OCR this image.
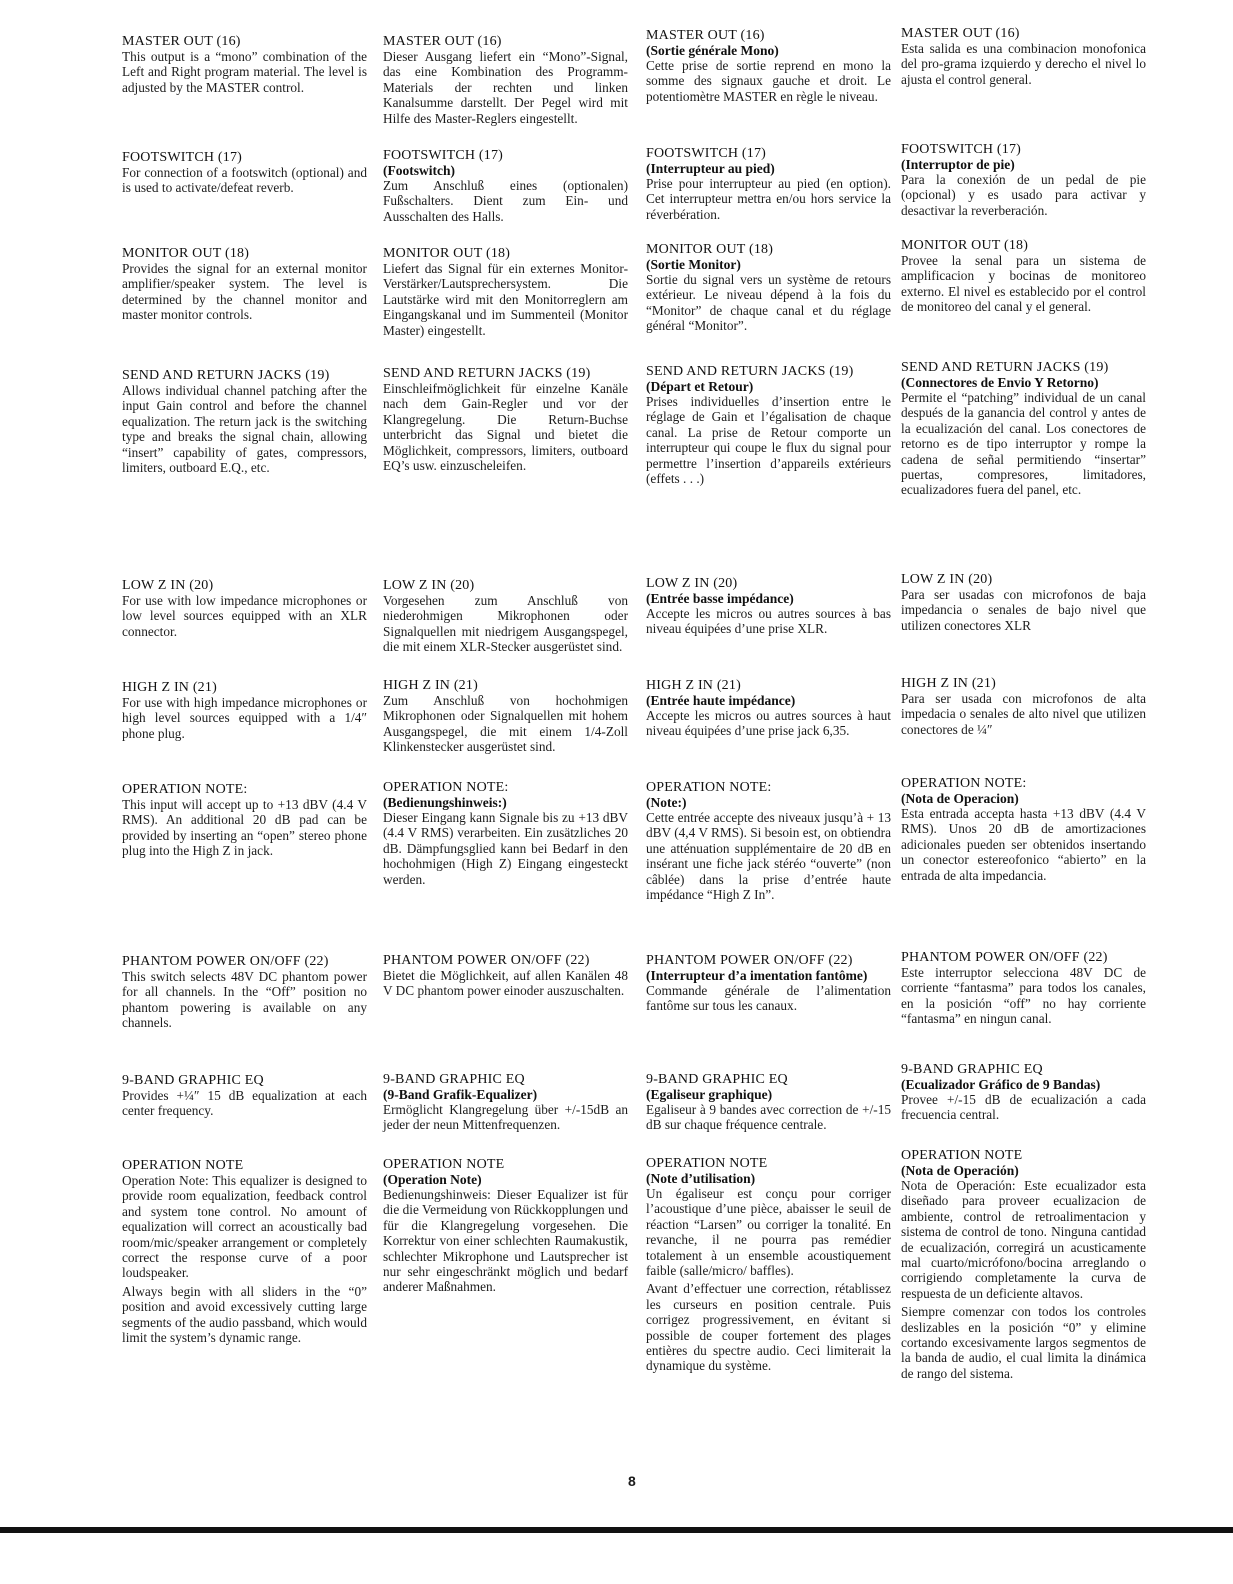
MASTER OUT (16)

This output is a “mono” combination of the Left and Right program material. The level is adjusted by the MASTER control.

FOOTSWITCH (17)

For connection of a footswitch (optional) and is used to activate/defeat reverb.

MONITOR OUT (18)

Provides the signal for an external monitor amplifier/speaker system. The level is determined by the channel monitor and master monitor controls.

SEND AND RETURN JACKS (19)

Allows individual channel patching after the input Gain control and before the channel equalization. The return jack is the switching type and breaks the signal chain, allowing “insert” capability of gates, compressors, limiters, outboard E.Q., etc.

LOW Z IN (20)

For use with low impedance microphones or low level sources equipped with an XLR connector.

HIGH Z IN (21)

For use with high impedance microphones or high level sources equipped with a 1/4″ phone plug.

OPERATION NOTE:

This input will accept up to +13 dBV (4.4 V RMS). An additional 20 dB pad can be provided by inserting an “open” stereo phone plug into the High Z in jack.

PHANTOM POWER ON/OFF (22)

This switch selects 48V DC phantom power for all channels. In the “Off” position no phantom powering is available on any channels.

9-BAND GRAPHIC EQ

Provides +¼″ 15 dB equalization at each center frequency.

OPERATION NOTE

Operation Note: This equalizer is designed to provide room equalization, feedback control and system tone control. No amount of equalization will correct an acoustically bad room/mic/speaker arrangement or completely correct the response curve of a poor loudspeaker.

Always begin with all sliders in the “0” position and avoid excessively cutting large segments of the audio passband, which would limit the system’s dynamic range.

MASTER OUT (16)

Dieser Ausgang liefert ein “Mono”-Signal, das eine Kombination des Programm-Materials der rechten und linken Kanalsumme darstellt. Der Pegel wird mit Hilfe des Master-Reglers eingestellt.

FOOTSWITCH (17)
(Footswitch)

Zum Anschluß eines (optionalen) Fußschalters. Dient zum Ein- und Ausschalten des Halls.

MONITOR OUT (18)

Liefert das Signal für ein externes Monitor-Verstärker/Lautsprechersystem. Die Lautstärke wird mit den Monitorreglern am Eingangskanal und im Summenteil (Monitor Master) eingestellt.

SEND AND RETURN JACKS (19)

Einschleifmöglichkeit für einzelne Kanäle nach dem Gain-Regler und vor der Klangregelung. Die Return-Buchse unterbricht das Signal und bietet die Möglichkeit, compressors, limiters, outboard EQ’s usw. einzuscheleifen.

LOW Z IN (20)

Vorgesehen zum Anschluß von niederohmigen Mikrophonen oder Signalquellen mit niedrigem Ausgangspegel, die mit einem XLR-Stecker ausgerüstet sind.

HIGH Z IN (21)

Zum Anschluß von hochohmigen Mikrophonen oder Signalquellen mit hohem Ausgangspegel, die mit einem 1/4-Zoll Klinkenstecker ausgerüstet sind.

OPERATION NOTE:
(Bedienungshinweis:)

Dieser Eingang kann Signale bis zu +13 dBV (4.4 V RMS) verarbeiten. Ein zusätzliches 20 dB. Dämpfungsglied kann bei Bedarf in den hochohmigen (High Z) Eingang eingesteckt werden.

PHANTOM POWER ON/OFF (22)

Bietet die Möglichkeit, auf allen Kanälen 48 V DC phantom power einoder auszuschalten.

9-BAND GRAPHIC EQ
(9-Band Grafik-Equalizer)

Ermöglicht Klangregelung über +/-15dB an jeder der neun Mittenfrequenzen.

OPERATION NOTE
(Operation Note)

Bedienungshinweis: Dieser Equalizer ist für die die Vermeidung von Rückkopplungen und für die Klangregelung vorgesehen. Die Korrektur von einer schlechten Raumakustik, schlechter Mikrophone und Lautsprecher ist nur sehr eingeschränkt möglich und bedarf anderer Maßnahmen.

MASTER OUT (16)
(Sortie générale Mono)

Cette prise de sortie reprend en mono la somme des signaux gauche et droit. Le potentiomètre MASTER en règle le niveau.

FOOTSWITCH (17)
(Interrupteur au pied)

Prise pour interrupteur au pied (en option). Cet interrupteur mettra en/ou hors service la réverbération.

MONITOR OUT (18)
(Sortie Monitor)

Sortie du signal vers un système de retours extérieur. Le niveau dépend à la fois du “Monitor” de chaque canal et du réglage général “Monitor”.

SEND AND RETURN JACKS (19)
(Départ et Retour)

Prises individuelles d’insertion entre le réglage de Gain et l’égalisation de chaque canal. La prise de Retour comporte un interrupteur qui coupe le flux du signal pour permettre l’insertion d’appareils extérieurs (effets . . .)

LOW Z IN (20)
(Entrée basse impédance)

Accepte les micros ou autres sources à bas niveau équipées d’une prise XLR.

HIGH Z IN (21)
(Entrée haute impédance)

Accepte les micros ou autres sources à haut niveau équipées d’une prise jack 6,35.

OPERATION NOTE:
(Note:)

Cette entrée accepte des niveaux jusqu’à + 13 dBV (4,4 V RMS). Si besoin est, on obtiendra une atténuation supplémentaire de 20 dB en insérant une fiche jack stéréo “ouverte” (non câblée) dans la prise d’entrée haute impédance “High Z In”.

PHANTOM POWER ON/OFF (22)
(Interrupteur d’a imentation fantôme)

Commande générale de l’alimentation fantôme sur tous les canaux.

9-BAND GRAPHIC EQ
(Egaliseur graphique)

Egaliseur à 9 bandes avec correction de +/-15 dB sur chaque fréquence centrale.

OPERATION NOTE
(Note d’utilisation)

Un égaliseur est conçu pour corriger l’acoustique d’une pièce, abaisser le seuil de réaction “Larsen” ou corriger la tonalité. En revanche, il ne pourra pas remédier totalement à un ensemble acoustiquement faible (salle/micro/ baffles).

Avant d’effectuer une correction, rétablissez les curseurs en position centrale. Puis corrigez progressivement, en évitant si possible de couper fortement des plages entières du spectre audio. Ceci limiterait la dynamique du système.

MASTER OUT (16)

Esta salida es una combinacion monofonica del pro-grama izquierdo y derecho el nivel lo ajusta el control general.

FOOTSWITCH (17)
(Interruptor de pie)

Para la conexión de un pedal de pie (opcional) y es usado para activar y desactivar la reverberación.

MONITOR OUT (18)

Provee la senal para un sistema de amplificacion y bocinas de monitoreo externo. El nivel es establecido por el control de monitoreo del canal y el general.

SEND AND RETURN JACKS (19)
(Connectores de Envio Y Retorno)

Permite el “patching” individual de un canal después de la ganancia del control y antes de la ecualización del canal. Los conectores de retorno es de tipo interruptor y rompe la cadena de señal permitiendo “insertar” puertas, compresores, limitadores, ecualizadores fuera del panel, etc.

LOW Z IN (20)

Para ser usadas con microfonos de baja impedancia o senales de bajo nivel que utilizen conectores XLR

HIGH Z IN (21)

Para ser usada con microfonos de alta impedacia o senales de alto nivel que utilizen conectores de ¼″

OPERATION NOTE:
(Nota de Operacion)

Esta entrada accepta hasta +13 dBV (4.4 V RMS). Unos 20 dB de amortizaciones adicionales pueden ser obtenidos insertando un conector estereofonico “abierto” en la entrada de alta impedancia.

PHANTOM POWER ON/OFF (22)

Este interruptor selecciona 48V DC de corriente “fantasma” para todos los canales, en la posición “off” no hay corriente “fantasma” en ningun canal.

9-BAND GRAPHIC EQ
(Ecualizador Gráfico de 9 Bandas)

Provee +/-15 dB de ecualización a cada frecuencia central.

OPERATION NOTE
(Nota de Operación)

Nota de Operación: Este ecualizador esta diseñado para proveer ecualizacion de ambiente, control de retroalimentacion y sistema de control de tono. Ninguna cantidad de ecualización, corregirá un acusticamente mal cuarto/micrófono/bocina arreglando o corrigiendo completamente la curva de respuesta de un deficiente altavos.

Siempre comenzar con todos los controles deslizables en la posición “0” y elimine cortando excesivamente largos segmentos de la banda de audio, el cual limita la dinámica de rango del sistema.

8
